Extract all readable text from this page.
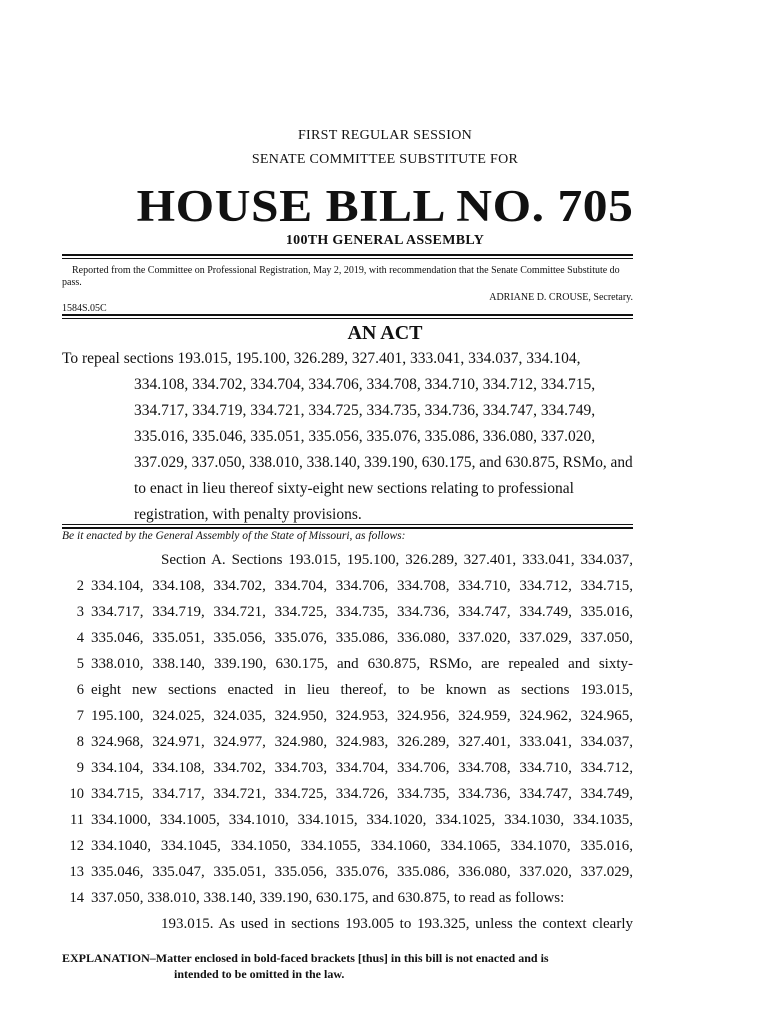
FIRST REGULAR SESSION
SENATE COMMITTEE SUBSTITUTE FOR
HOUSE BILL NO. 705
100TH GENERAL ASSEMBLY
Reported from the Committee on Professional Registration, May 2, 2019, with recommendation that the Senate Committee Substitute do pass.
ADRIANE D. CROUSE, Secretary.
1584S.05C
AN ACT
To repeal sections 193.015, 195.100, 326.289, 327.401, 333.041, 334.037, 334.104,
334.108, 334.702, 334.704, 334.706, 334.708, 334.710, 334.712, 334.715,
334.717, 334.719, 334.721, 334.725, 334.735, 334.736, 334.747, 334.749,
335.016, 335.046, 335.051, 335.056, 335.076, 335.086, 336.080, 337.020,
337.029, 337.050, 338.010, 338.140, 339.190, 630.175, and 630.875, RSMo, and
to enact in lieu thereof sixty-eight new sections relating to professional
registration, with penalty provisions.
Be it enacted by the General Assembly of the State of Missouri, as follows:
Section A. Sections 193.015, 195.100, 326.289, 327.401, 333.041, 334.037,
2 334.104, 334.108, 334.702, 334.704, 334.706, 334.708, 334.710, 334.712, 334.715,
3 334.717, 334.719, 334.721, 334.725, 334.735, 334.736, 334.747, 334.749, 335.016,
4 335.046, 335.051, 335.056, 335.076, 335.086, 336.080, 337.020, 337.029, 337.050,
5 338.010, 338.140, 339.190, 630.175, and 630.875, RSMo, are repealed and sixty-
6 eight new sections enacted in lieu thereof, to be known as sections 193.015,
7 195.100, 324.025, 324.035, 324.950, 324.953, 324.956, 324.959, 324.962, 324.965,
8 324.968, 324.971, 324.977, 324.980, 324.983, 326.289, 327.401, 333.041, 334.037,
9 334.104, 334.108, 334.702, 334.703, 334.704, 334.706, 334.708, 334.710, 334.712,
10 334.715, 334.717, 334.721, 334.725, 334.726, 334.735, 334.736, 334.747, 334.749,
11 334.1000, 334.1005, 334.1010, 334.1015, 334.1020, 334.1025, 334.1030, 334.1035,
12 334.1040, 334.1045, 334.1050, 334.1055, 334.1060, 334.1065, 334.1070, 335.016,
13 335.046, 335.047, 335.051, 335.056, 335.076, 335.086, 336.080, 337.020, 337.029,
14 337.050, 338.010, 338.140, 339.190, 630.175, and 630.875, to read as follows:
193.015. As used in sections 193.005 to 193.325, unless the context clearly
EXPLANATION–Matter enclosed in bold-faced brackets [thus] in this bill is not enacted and is
intended to be omitted in the law.
